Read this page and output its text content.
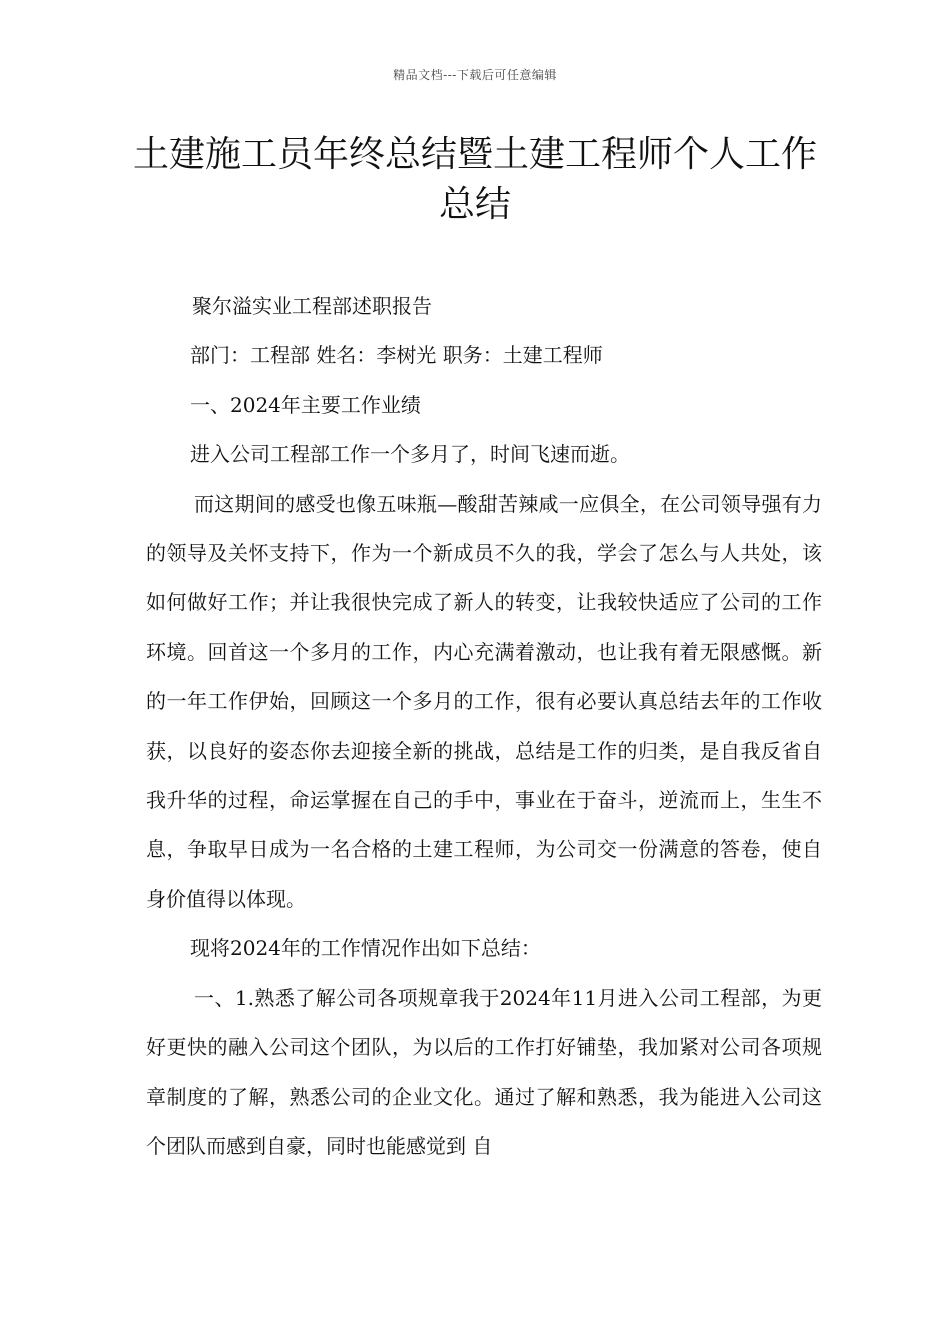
精品文档---下载后可任意编辑
土建施工员年终总结暨土建工程师个人工作总结

聚尔溢实业工程部述职报告

部门：工程部 姓名：李树光 职务：土建工程师

一、2024年主要工作业绩

进入公司工程部工作一个多月了，时间飞速而逝。

而这期间的感受也像五味瓶—酸甜苦辣咸一应俱全，在公司领导强有力的领导及关怀支持下，作为一个新成员不久的我，学会了怎么与人共处，该如何做好工作；并让我很快完成了新人的转变，让我较快适应了公司的工作环境。回首这一个多月的工作，内心充满着激动，也让我有着无限感慨。新的一年工作伊始，回顾这一个多月的工作，很有必要认真总结去年的工作收获，以良好的姿态你去迎接全新的挑战，总结是工作的归类，是自我反省自我升华的过程，命运掌握在自己的手中，事业在于奋斗，逆流而上，生生不息，争取早日成为一名合格的土建工程师，为公司交一份满意的答卷，使自身价值得以体现。

现将2024年的工作情况作出如下总结：

一、1.熟悉了解公司各项规章我于2024年11月进入公司工程部，为更好更快的融入公司这个团队，为以后的工作打好铺垫，我加紧对公司各项规章制度的了解，熟悉公司的企业文化。通过了解和熟悉，我为能进入公司这个团队而感到自豪，同时也能感觉到 自
